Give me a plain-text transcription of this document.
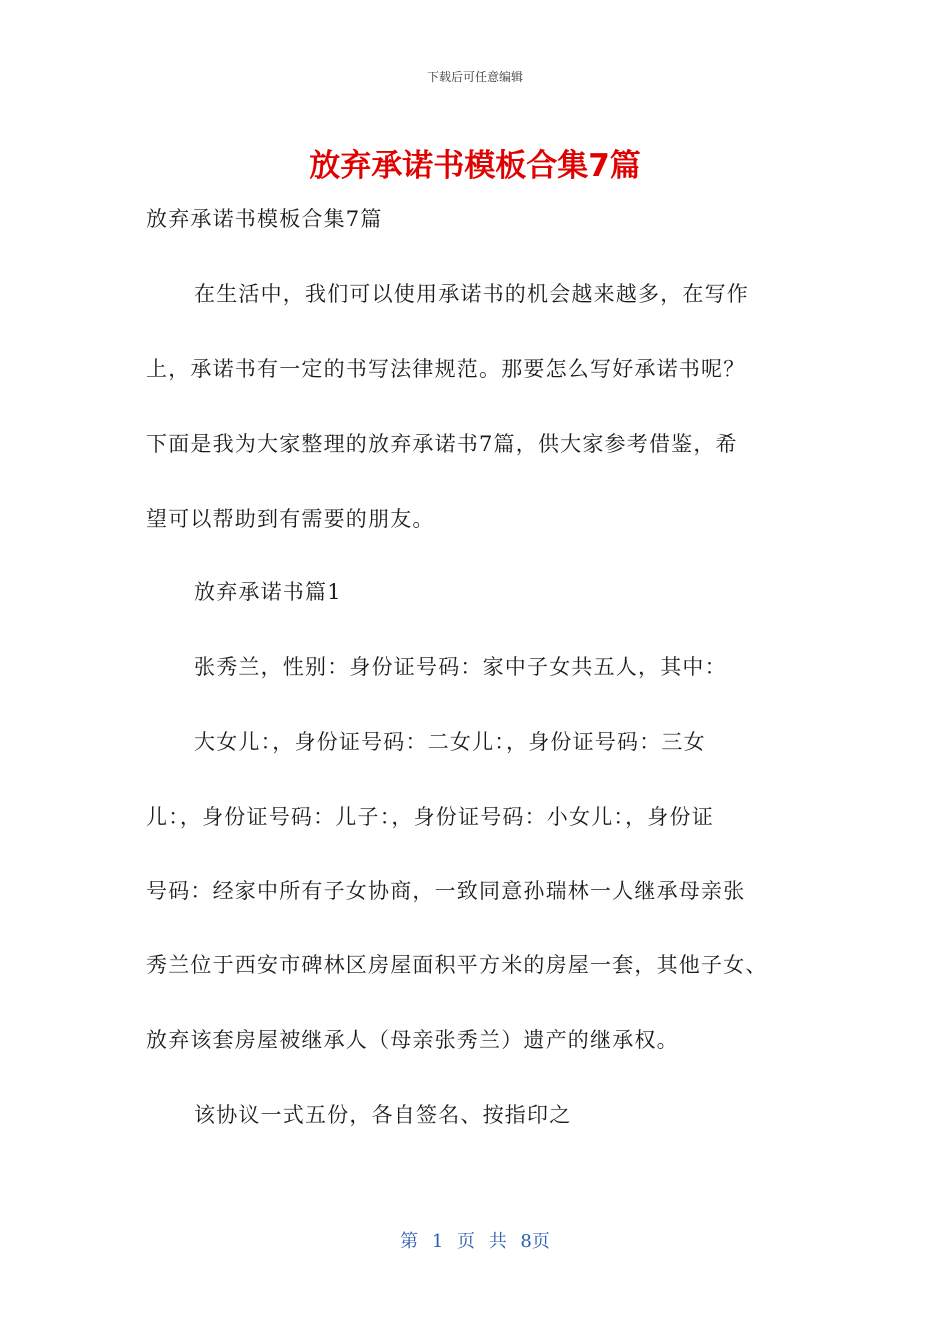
下载后可任意编辑
放弃承诺书模板合集7篇
放弃承诺书模板合集7篇
在生活中，我们可以使用承诺书的机会越来越多，在写作
上，承诺书有一定的书写法律规范。那要怎么写好承诺书呢？
下面是我为大家整理的放弃承诺书7篇，供大家参考借鉴，希
望可以帮助到有需要的朋友。
放弃承诺书篇1
张秀兰，性别：身份证号码：家中子女共五人，其中：
大女儿：，身份证号码：二女儿：，身份证号码：三女
儿：，身份证号码：儿子：，身份证号码：小女儿：，身份证
号码：经家中所有子女协商，一致同意孙瑞林一人继承母亲张
秀兰位于西安市碑林区房屋面积平方米的房屋一套，其他子女、
放弃该套房屋被继承人（母亲张秀兰）遗产的继承权。
该协议一式五份，各自签名、按指印之
第 1 页 共 8页
